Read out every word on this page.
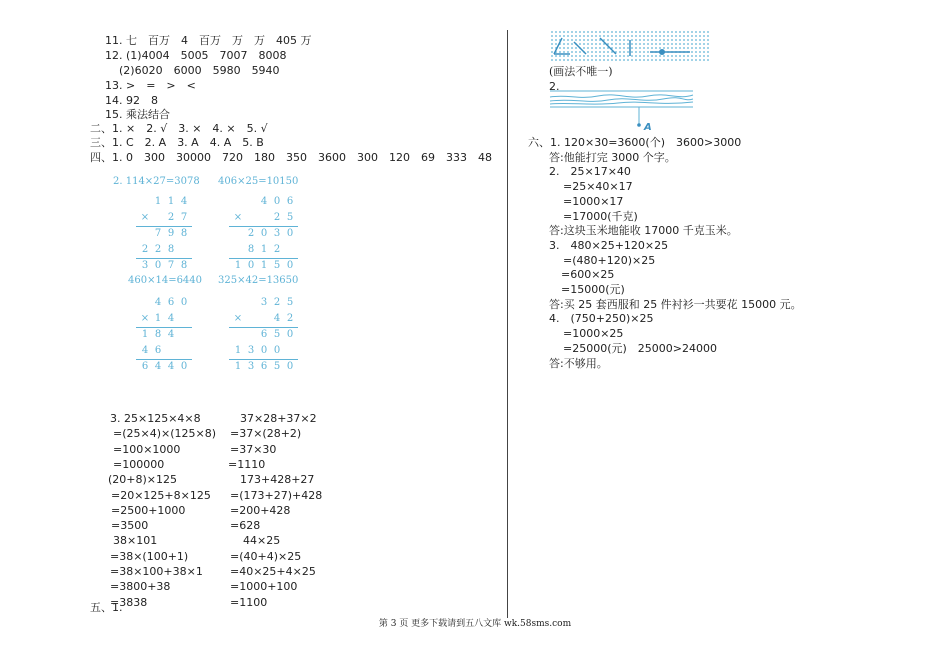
11. 七　百万　4　百万　万　万　405 万
12. (1)4004　5005　7007　8008
(2)6020　6000　5980　5940
13. >　=　>　<
14. 92　8
15. 乘法结合
二、1. ×　2. √　3. ×　4. ×　5. √
三、1. C　2. A　3. A　4. A　5. B
四、1. 0　300　30000　720　180　350　3600　300　120　69　333　48
2. 114×27=3078 406×25=10150
460×14=6440 325×42=13650
1 1 4
×	2 7
7 9 8
2 2 8
3 0 7 8
4 0 6
×	2 5
2 0 3 0
8 1 2
1 0 1 5 0
4 6 0
× 1 4
1 8 4
4 6
6 4 4 0
3 2 5
×	4 2
6 5 0
1 3 0 0
1 3 6 5 0
3. 25×125×4×8	37×28+37×2
=(25×4)×(125×8) =37×(28+2)
=100×1000	=37×30
=100000	=1110
(20+8)×125	173+428+27
=20×125+8×125 =(173+27)+428
=2500+1000	=200+428
=3500	=628
38×101	44×25
=38×(100+1)	=(40+4)×25
=38×100+38×1 =40×25+4×25
=3800+38	=1000+100
=3838	=1100
五、1.
(画法不唯一)
2.
A
六、1. 120×30=3600(个)　3600>3000
答:他能打完 3000 个字。
2.　25×17×40
=25×40×17
=1000×17
=17000(千克)
答:这块玉米地能收 17000 千克玉米。
3.　480×25+120×25
=(480+120)×25
=600×25
=15000(元)
答:买 25 套西服和 25 件衬衫一共要花 15000 元。
4.　(750+250)×25
=1000×25
=25000(元)　25000>24000
答:不够用。
第 3 页 更多下载请到五八文库 wk.58sms.com
